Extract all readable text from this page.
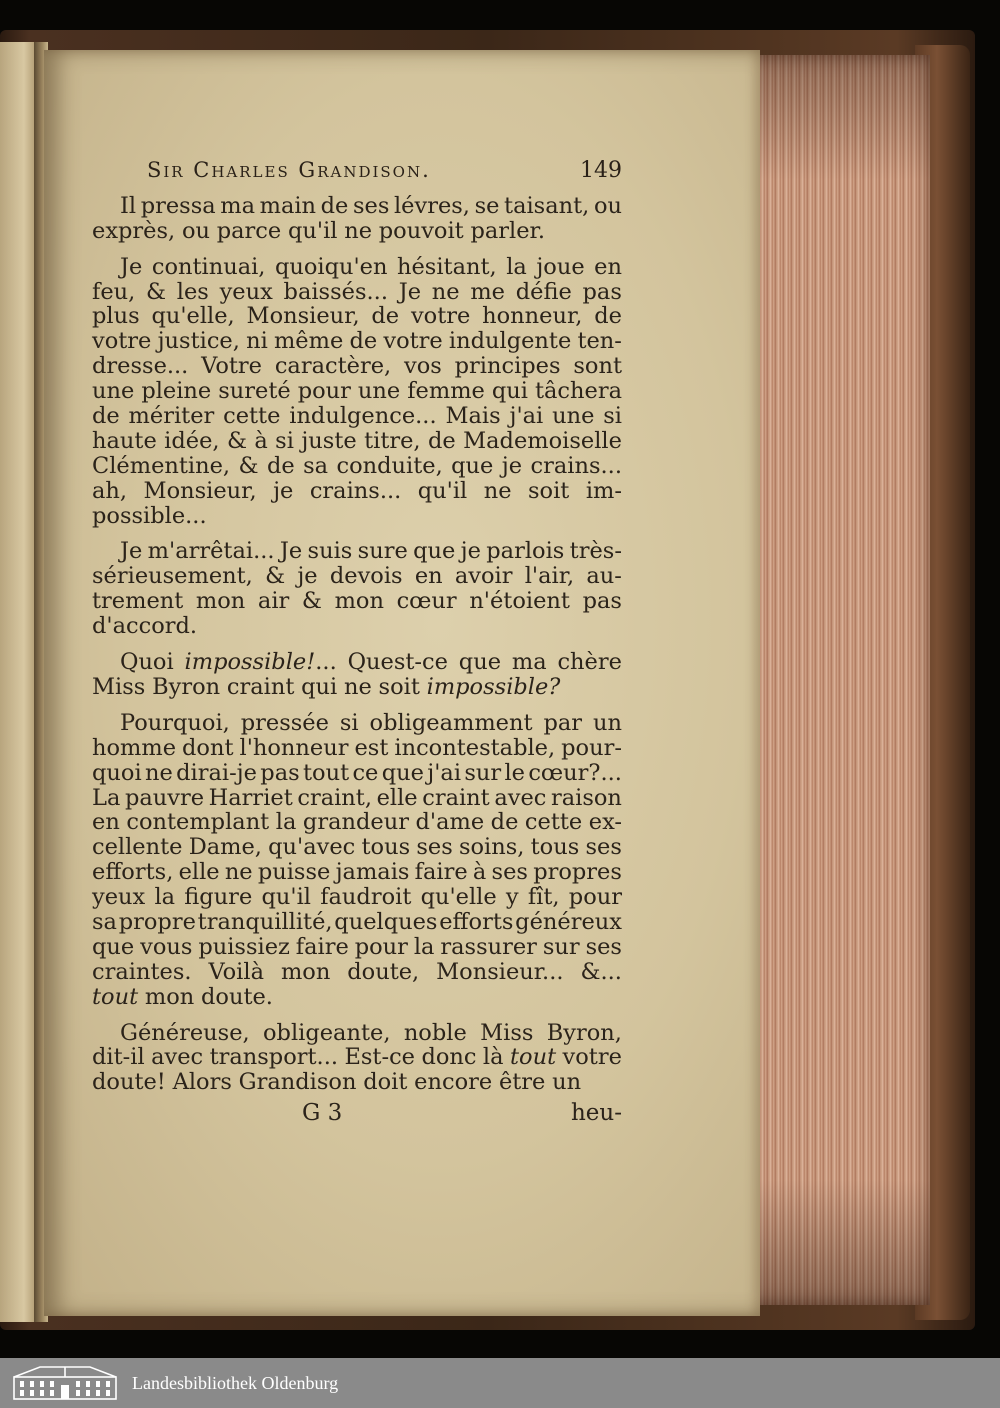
Sir Charles Grandison.	149
Il pressa ma main de ses lévres, se taisant, ou
exprès, ou parce qu'il ne pouvoit parler.
Je continuai, quoiqu'en hésitant, la joue en
feu, & les yeux baissés... Je ne me défie pas
plus qu'elle, Monsieur, de votre honneur, de
votre justice, ni même de votre indulgente ten-
dresse... Votre caractère, vos principes sont
une pleine sureté pour une femme qui tâchera
de mériter cette indulgence... Mais j'ai une si
haute idée, & à si juste titre, de Mademoiselle
Clémentine, & de sa conduite, que je crains...
ah, Monsieur, je crains... qu'il ne soit im-
possible...
Je m'arrêtai... Je suis sure que je parlois très-
sérieusement, & je devois en avoir l'air, au-
trement mon air & mon cœur n'étoient pas
d'accord.
Quoi impossible!... Quest-ce que ma chère
Miss Byron craint qui ne soit impossible?
Pourquoi, pressée si obligeamment par un
homme dont l'honneur est incontestable, pour-
quoi ne dirai-je pas tout ce que j'ai sur le cœur?...
La pauvre Harriet craint, elle craint avec raison
en contemplant la grandeur d'ame de cette ex-
cellente Dame, qu'avec tous ses soins, tous ses
efforts, elle ne puisse jamais faire à ses propres
yeux la figure qu'il faudroit qu'elle y fît, pour
sa propre tranquillité, quelques efforts généreux
que vous puissiez faire pour la rassurer sur ses
craintes. Voilà mon doute, Monsieur... &...
tout mon doute.
Généreuse, obligeante, noble Miss Byron,
dit-il avec transport... Est-ce donc là tout votre
doute! Alors Grandison doit encore être un
G 3	heu-
Landesbibliothek Oldenburg
